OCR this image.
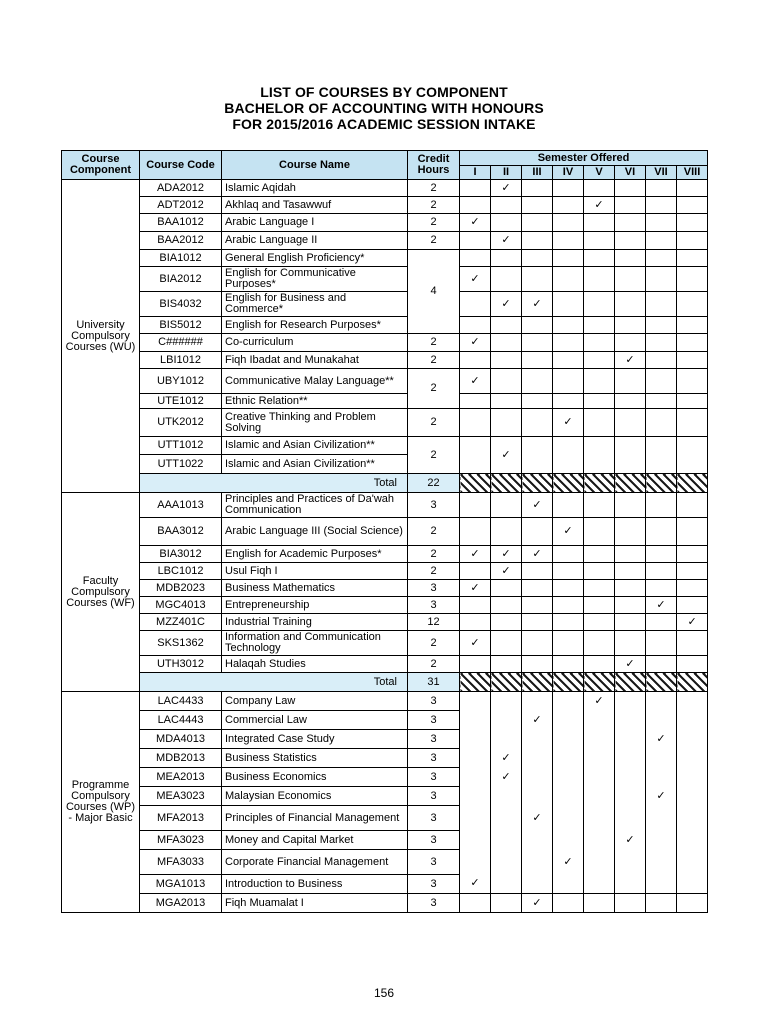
LIST OF COURSES BY COMPONENT
BACHELOR OF ACCOUNTING WITH HONOURS
FOR 2015/2016 ACADEMIC SESSION INTAKE
Course Component	Course Code	Course Name	Credit Hours	Semester Offered							
				I	II	III	IV	V	VI	VII	VIII
University Compulsory Courses (WU)	ADA2012	Islamic Aqidah	2		✓						
	ADT2012	Akhlaq and Tasawwuf	2					✓			
	BAA1012	Arabic Language I	2	✓							
	BAA2012	Arabic Language II	2		✓						
	BIA1012	General English Proficiency*	4								
	BIA2012	English for Communicative Purposes*		✓							
	BIS4032	English for Business and Commerce*			✓	✓					
	BIS5012	English for Research Purposes*									
	C######	Co-curriculum	2	✓							
	LBI1012	Fiqh Ibadat and Munakahat	2						✓		
	UBY1012	Communicative Malay Language**	2	✓							
	UTE1012	Ethnic Relation**									
	UTK2012	Creative Thinking and Problem Solving	2				✓				
	UTT1012	Islamic and Asian Civilization**	2		✓						
	UTT1022	Islamic and Asian Civilization**									
	Total		22								
Faculty Compulsory Courses (WF)	AAA1013	Principles and Practices of Da'wah Communication	3			✓					
	BAA3012	Arabic Language III (Social Science)	2				✓				
	BIA3012	English for Academic Purposes*	2	✓	✓	✓					
	LBC1012	Usul Fiqh I	2		✓						
	MDB2023	Business Mathematics	3	✓							
	MGC4013	Entrepreneurship	3							✓	
	MZZ401C	Industrial Training	12								✓
	SKS1362	Information and Communication Technology	2	✓							
	UTH3012	Halaqah Studies	2						✓		
	Total		31								
Programme Compulsory Courses (WP) - Major Basic	LAC4433	Company Law	3					✓			
	LAC4443	Commercial Law	3			✓					
	MDA4013	Integrated Case Study	3							✓	
	MDB2013	Business Statistics	3		✓						
	MEA2013	Business Economics	3		✓						
	MEA3023	Malaysian Economics	3							✓	
	MFA2013	Principles of Financial Management	3			✓					
	MFA3023	Money and Capital Market	3						✓		
	MFA3033	Corporate Financial Management	3				✓				
	MGA1013	Introduction to Business	3	✓							
	MGA2013	Fiqh Muamalat I	3			✓					
156
